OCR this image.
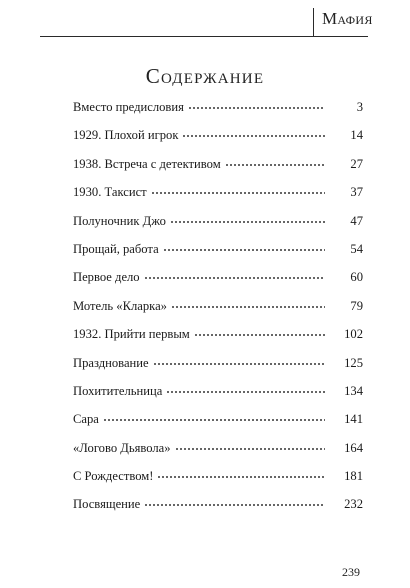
Мафия
Содержание
Вместо предисловия	3
1929. Плохой игрок	14
1938. Встреча с детективом	27
1930. Таксист	37
Полуночник Джо	47
Прощай, работа	54
Первое дело	60
Мотель «Кларка»	79
1932. Прийти первым	102
Празднование	125
Похитительница	134
Сара	141
«Логово Дьявола»	164
С Рождеством!	181
Посвящение	232
239
